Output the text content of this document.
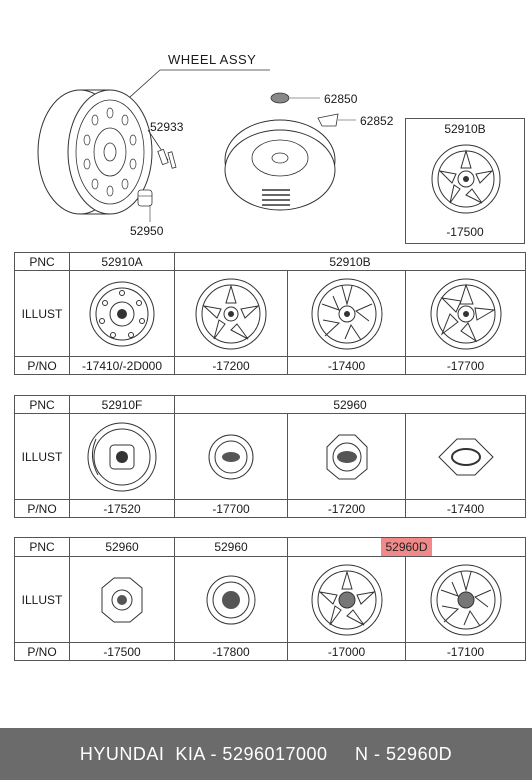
WHEEL ASSY
52933
52950
62850
62852
52910B
-17500
PNC	52910A	52910B		
ILLUST	

P/NO	-17410/-2D000	-17200	-17400	-17700
PNC	52910F	52960		
ILLUST	

P/NO	-17520	-17700	-17200	-17400
PNC	52960	52960	52960D	
ILLUST	

P/NO	-17500	-17800	-17000	-17100
HYUNDAI  KIA - 5296017000     N - 52960D
